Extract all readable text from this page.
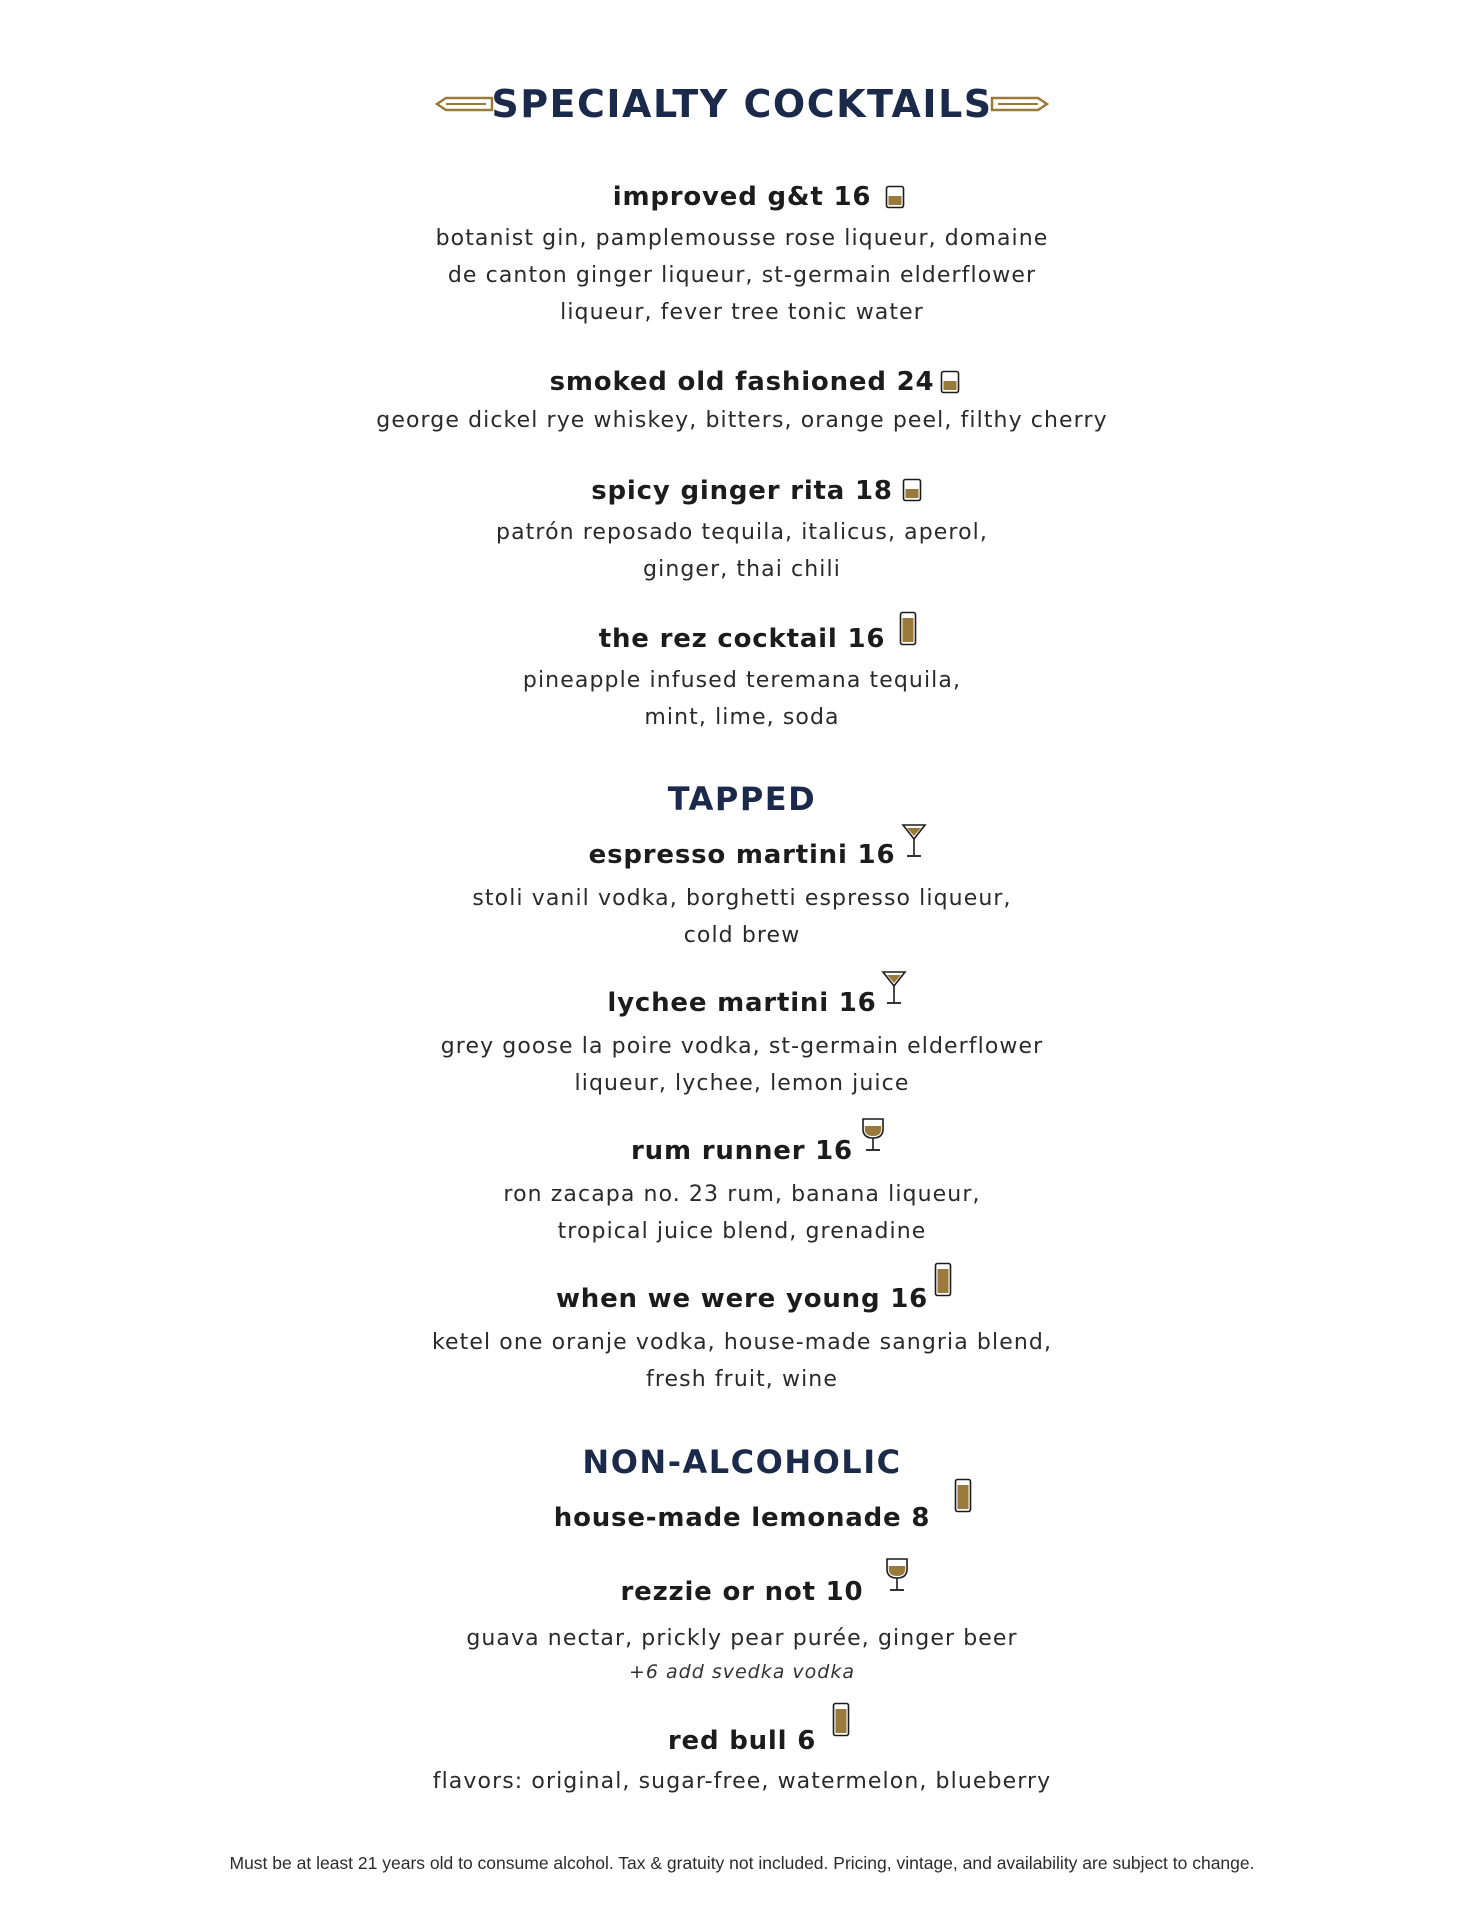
SPECIALTY COCKTAILS
improved g&t 16
botanist gin, pamplemousse rose liqueur, domaine
de canton ginger liqueur, st-germain elderflower
liqueur, fever tree tonic water
smoked old fashioned 24
george dickel rye whiskey, bitters, orange peel, filthy cherry
spicy ginger rita 18
patrón reposado tequila, italicus, aperol,
ginger, thai chili
the rez cocktail 16
pineapple infused teremana tequila,
mint, lime, soda
TAPPED
espresso martini 16
stoli vanil vodka, borghetti espresso liqueur,
cold brew
lychee martini 16
grey goose la poire vodka, st-germain elderflower
liqueur, lychee, lemon juice
rum runner 16
ron zacapa no. 23 rum, banana liqueur,
tropical juice blend, grenadine
when we were young 16
ketel one oranje vodka, house-made sangria blend,
fresh fruit, wine
NON-ALCOHOLIC
house-made lemonade 8
rezzie or not 10
guava nectar, prickly pear purée, ginger beer
+6 add svedka vodka
red bull 6
flavors: original, sugar-free, watermelon, blueberry
Must be at least 21 years old to consume alcohol. Tax & gratuity not included. Pricing, vintage, and availability are subject to change.
